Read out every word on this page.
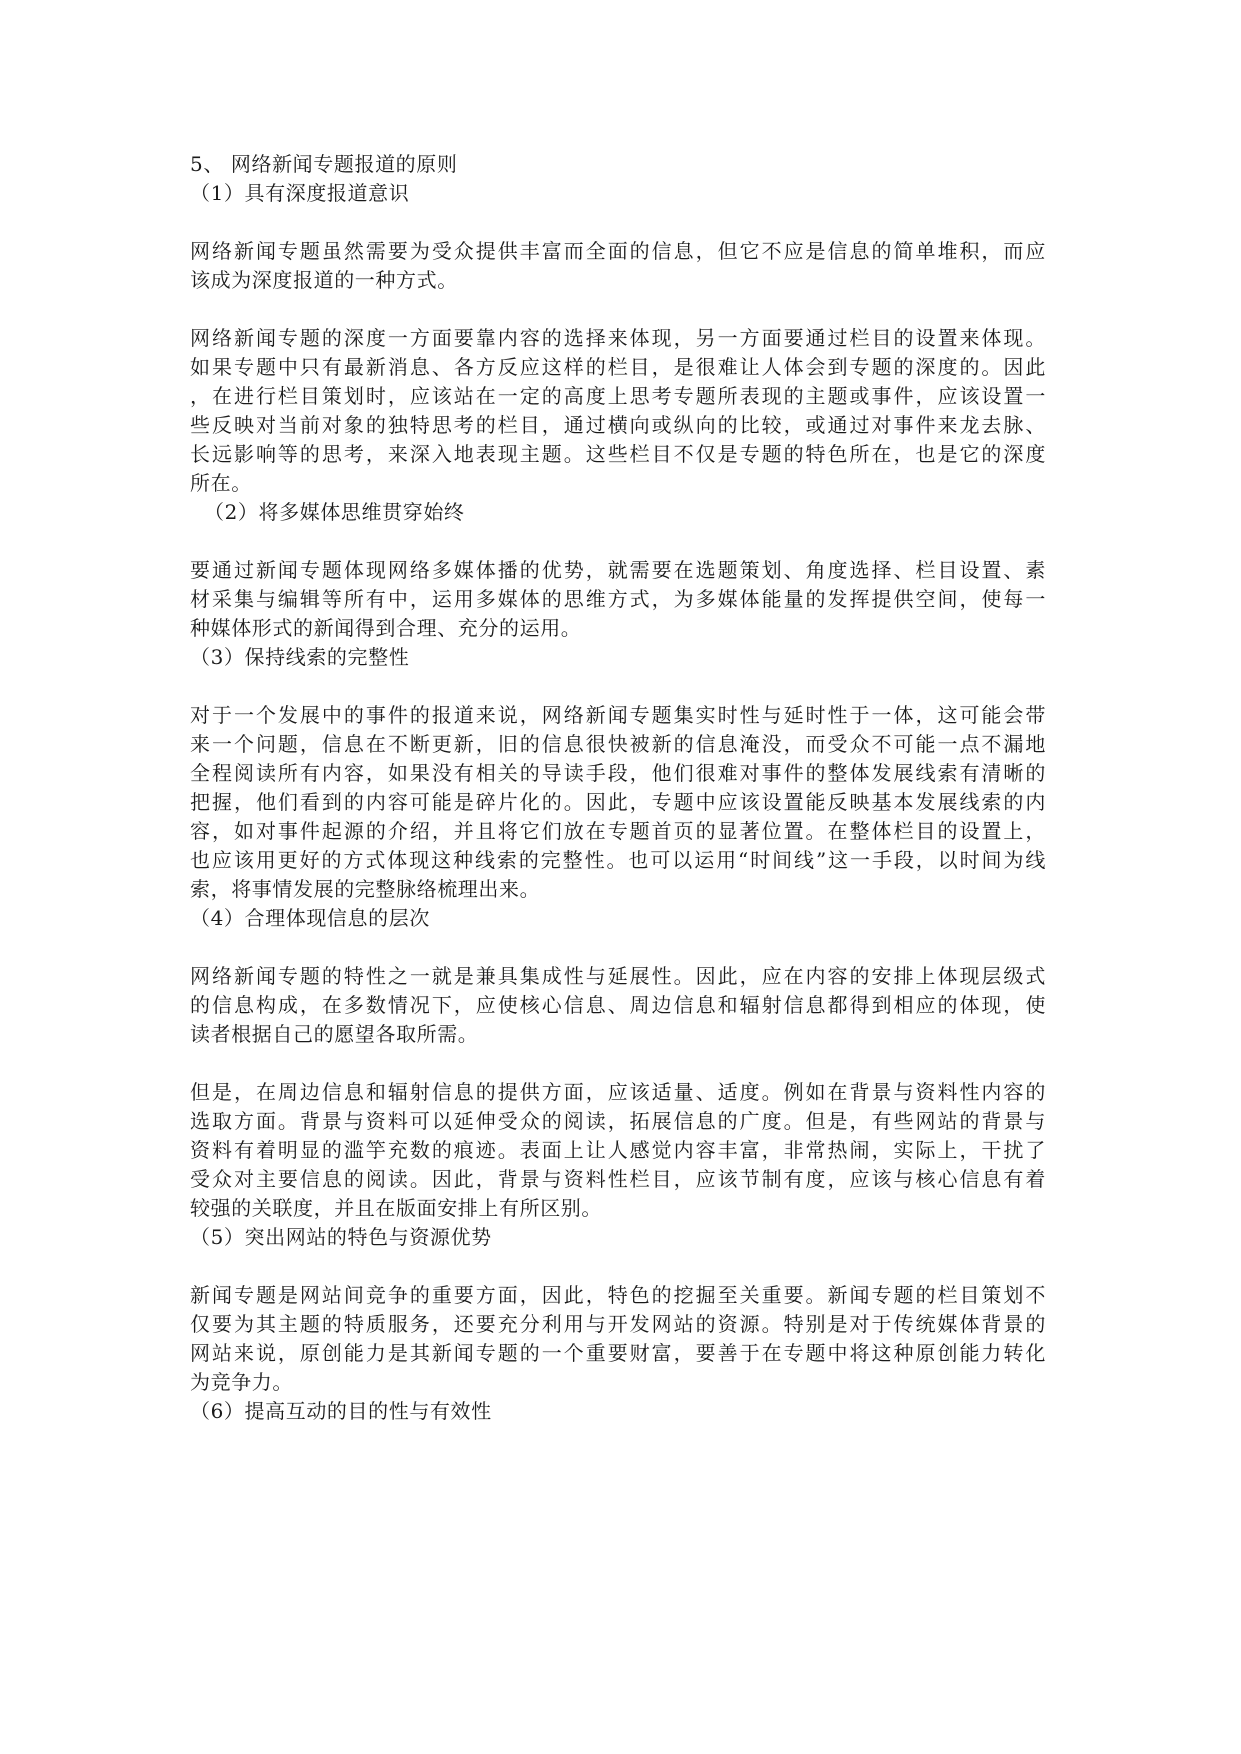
5、 网络新闻专题报道的原则
（1）具有深度报道意识
网络新闻专题虽然需要为受众提供丰富而全面的信息，但它不应是信息的简单堆积，而应
该成为深度报道的一种方式。
网络新闻专题的深度一方面要靠内容的选择来体现，另一方面要通过栏目的设置来体现。
如果专题中只有最新消息、各方反应这样的栏目，是很难让人体会到专题的深度的。因此
，在进行栏目策划时，应该站在一定的高度上思考专题所表现的主题或事件，应该设置一
些反映对当前对象的独特思考的栏目，通过横向或纵向的比较，或通过对事件来龙去脉、
长远影响等的思考，来深入地表现主题。这些栏目不仅是专题的特色所在，也是它的深度
所在。
（2）将多媒体思维贯穿始终
要通过新闻专题体现网络多媒体播的优势，就需要在选题策划、角度选择、栏目设置、素
材采集与编辑等所有中，运用多媒体的思维方式，为多媒体能量的发挥提供空间，使每一
种媒体形式的新闻得到合理、充分的运用。
（3）保持线索的完整性
对于一个发展中的事件的报道来说，网络新闻专题集实时性与延时性于一体，这可能会带
来一个问题，信息在不断更新，旧的信息很快被新的信息淹没，而受众不可能一点不漏地
全程阅读所有内容，如果没有相关的导读手段，他们很难对事件的整体发展线索有清晰的
把握，他们看到的内容可能是碎片化的。因此，专题中应该设置能反映基本发展线索的内
容，如对事件起源的介绍，并且将它们放在专题首页的显著位置。在整体栏目的设置上，
也应该用更好的方式体现这种线索的完整性。也可以运用“时间线”这一手段，以时间为线
索，将事情发展的完整脉络梳理出来。
（4）合理体现信息的层次
网络新闻专题的特性之一就是兼具集成性与延展性。因此，应在内容的安排上体现层级式
的信息构成，在多数情况下，应使核心信息、周边信息和辐射信息都得到相应的体现，使
读者根据自己的愿望各取所需。
但是，在周边信息和辐射信息的提供方面，应该适量、适度。例如在背景与资料性内容的
选取方面。背景与资料可以延伸受众的阅读，拓展信息的广度。但是，有些网站的背景与
资料有着明显的滥竽充数的痕迹。表面上让人感觉内容丰富，非常热闹，实际上，干扰了
受众对主要信息的阅读。因此，背景与资料性栏目，应该节制有度，应该与核心信息有着
较强的关联度，并且在版面安排上有所区别。
（5）突出网站的特色与资源优势
新闻专题是网站间竞争的重要方面，因此，特色的挖掘至关重要。新闻专题的栏目策划不
仅要为其主题的特质服务，还要充分利用与开发网站的资源。特别是对于传统媒体背景的
网站来说，原创能力是其新闻专题的一个重要财富，要善于在专题中将这种原创能力转化
为竞争力。
（6）提高互动的目的性与有效性
